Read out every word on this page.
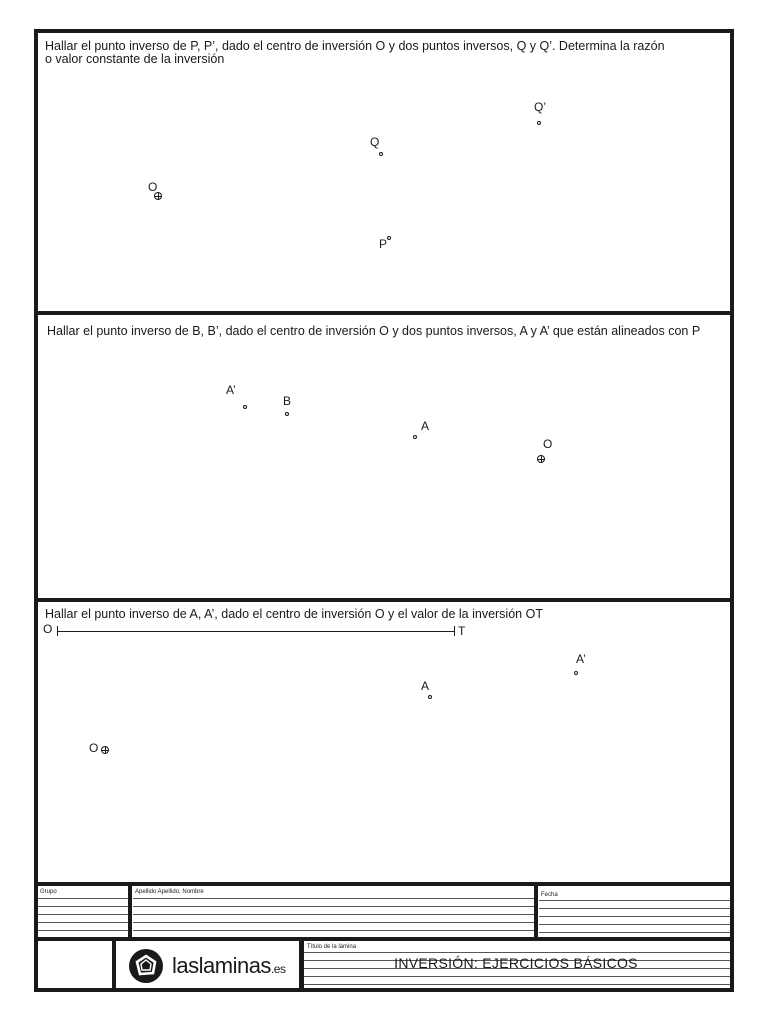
Hallar el punto inverso de P, P’, dado el centro de inversión O y dos puntos inversos, Q y Q’. Determina la razón
o valor constante de la inversión
O
Q
Q’
P
Hallar el punto inverso de B, B’, dado el centro de inversión O y dos puntos inversos, A y A’ que están alineados con P
A’
B
A
O
Hallar el punto inverso de A, A’, dado el centro de inversión O y el valor de la inversión OT
O	T
A’
A
O
Grupo	Apellido Apellido, Nombre	Fecha
laslaminas.es
Título de la lámina
INVERSIÓN: EJERCICIOS BÁSICOS
